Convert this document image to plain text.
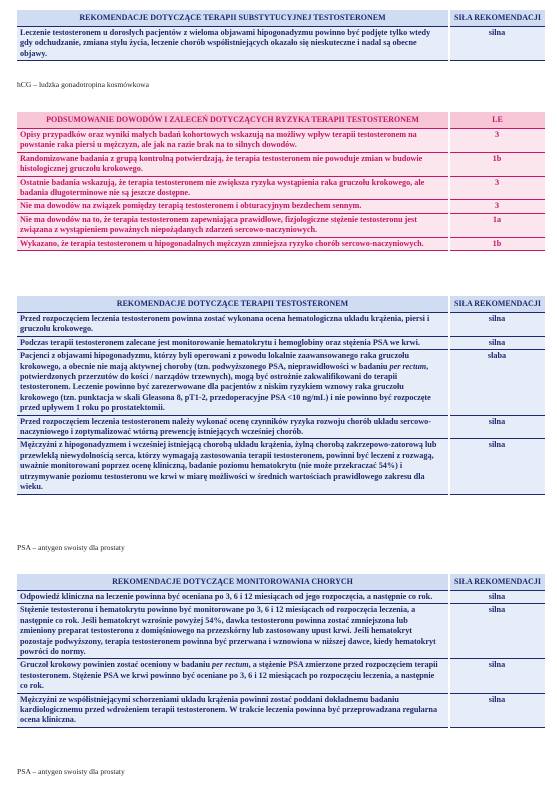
REKOMENDACJE DOTYCZĄCE TERAPII SUBSTYTUCYJNEJ TESTOSTERONEM	SIŁA REKOMENDACJI
Leczenie testosteronem u dorosłych pacjentów z wieloma objawami hipogonadyzmu powinno być podjęte tylko wtedy gdy odchudzanie, zmiana stylu życia, leczenie chorób współistniejących okazało się nieskuteczne i nadal są obecne objawy.	silna
hCG – ludzka gonadotropina kosmówkowa
PODSUMOWANIE DOWODÓW I ZALECEŃ DOTYCZĄCYCH RYZYKA TERAPII TESTOSTERONEM	LE
Opisy przypadków oraz wyniki małych badań kohortowych wskazują na możliwy wpływ terapii testosteronem na powstanie raka piersi u mężczyzn, ale jak na razie brak na to silnych dowodów.	3
Randomizowane badania z grupą kontrolną potwierdzają, że terapia testosteronem nie powoduje zmian w budowie histologicznej gruczołu krokowego.	1b
Ostatnie badania wskazują, że terapia testosteronem nie zwiększa ryzyka wystąpienia raka gruczołu krokowego, ale badania długoterminowe nie są jeszcze dostępne.	3
Nie ma dowodów na związek pomiędzy terapią testosteronem i obturacyjnym bezdechem sennym.	3
Nie ma dowodów na to, że terapia testosteronem zapewniająca prawidłowe, fizjologiczne stężenie testosteronu jest związana z wystąpieniem poważnych niepożądanych zdarzeń sercowo-naczyniowych.	1a
Wykazano, że terapia testosteronem u hipogonadalnych mężczyzn zmniejsza ryzyko chorób sercowo-naczyniowych.	1b
REKOMENDACJE DOTYCZĄCE TERAPII TESTOSTERONEM	SIŁA REKOMENDACJI
Przed rozpoczęciem leczenia testosteronem powinna zostać wykonana ocena hematologiczna układu krążenia, piersi i gruczołu krokowego.	silna
Podczas terapii testosteronem zalecane jest monitorowanie hematokrytu i hemoglobiny oraz stężenia PSA we krwi.	silna
Pacjenci z objawami hipogonadyzmu, którzy byli operowani z powodu lokalnie zaawansowanego raka gruczołu krokowego, a obecnie nie mają aktywnej choroby (tzn. podwyższonego PSA, nieprawidłowości w badaniu per rectum, potwierdzonych przerzutów do kości / narządów trzewnych), mogą być ostrożnie zakwalifikowani do terapii testosteronem. Leczenie powinno być zarezerwowane dla pacjentów z niskim ryzykiem wznowy raka gruczołu krokowego (tzn. punktacja w skali Gleasona 8, pT1-2, przedoperacyjne PSA <10 ng/mL) i nie powinno być rozpoczęte przed upływem 1 roku po prostatektomii.	słaba
Przed rozpoczęciem leczenia testosteronem należy wykonać ocenę czynników ryzyka rozwoju chorób układu sercowo-naczyniowego i zoptymalizować wtórną prewencję istniejących wcześniej chorób.	silna
Mężczyźni z hipogonadyzmem i wcześniej istniejącą chorobą układu krążenia, żylną chorobą zakrzepowo-zatorową lub przewlekłą niewydolnością serca, którzy wymagają zastosowania terapii testosteronem, powinni być leczeni z rozwagą, uważnie monitorowani poprzez ocenę kliniczną, badanie poziomu hematokrytu (nie może przekraczać 54%) i utrzymywanie poziomu testosteronu we krwi w miarę możliwości w średnich wartościach prawidłowego zakresu dla wieku.	silna
PSA – antygen swoisty dla prostaty
REKOMENDACJE DOTYCZĄCE MONITOROWANIA CHORYCH	SIŁA REKOMENDACJI
Odpowiedź kliniczna na leczenie powinna być oceniana po 3, 6 i 12 miesiącach od jego rozpoczęcia, a następnie co rok.	silna
Stężenie testosteronu i hematokrytu powinno być monitorowane po 3, 6 i 12 miesiącach od rozpoczęcia leczenia, a następnie co rok. Jeśli hematokryt wzrośnie powyżej 54%, dawka testosteronu powinna zostać zmniejszona lub zmieniony preparat testosteronu z domięśniowego na przezskórny lub zastosowany upust krwi. Jeśli hematokryt pozostaje podwyższony, terapia testosteronem powinna być przerwana i wznowiona w niższej dawce, kiedy hematokryt powróci do normy.	silna
Gruczoł krokowy powinien zostać oceniony w badaniu per rectum, a stężenie PSA zmierzone przed rozpoczęciem terapii testosteronem. Stężenie PSA we krwi powinno być oceniane po 3, 6 i 12 miesiącach po rozpoczęciu leczenia, a następnie co rok.	silna
Mężczyźni ze współistniejącymi schorzeniami układu krążenia powinni zostać poddani dokładnemu badaniu kardiologicznemu przed wdrożeniem terapii testosteronem. W trakcie leczenia powinna być przeprowadzana regularna ocena kliniczna.	silna
PSA – antygen swoisty dla prostaty
